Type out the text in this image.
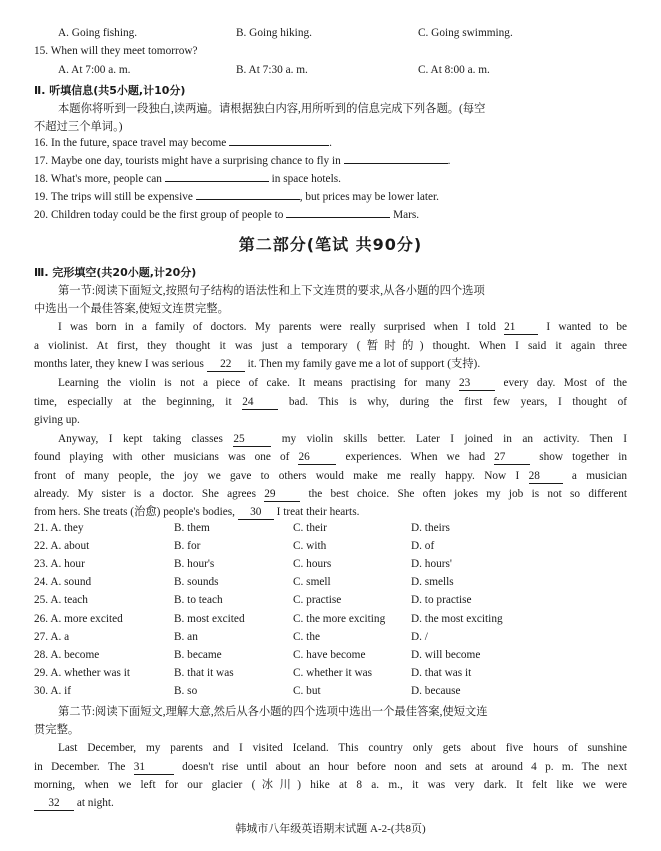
A. Going fishing.	B. Going hiking.	C. Going swimming.
15. When will they meet tomorrow?
A. At 7:00 a. m.	B. At 7:30 a. m.	C. At 8:00 a. m.
Ⅱ. 听填信息(共5小题,计10分)
本题你将听到一段独白,读两遍。请根据独白内容,用所听到的信息完成下列各题。(每空
不超过三个单词。)
16. In the future, space travel may become	.
17. Maybe one day, tourists might have a surprising chance to fly in	.
18. What's more, people can	in space hotels.
19. The trips will still be expensive	, but prices may be lower later.
20. Children today could be the first group of people to	Mars.
第二部分(笔试 共90分)
Ⅲ. 完形填空(共20小题,计20分)
第一节:阅读下面短文,按照句子结构的语法性和上下文连贯的要求,从各小题的四个选项
中选出一个最佳答案,使短文连贯完整。
I was born in a family of doctors. My parents were really surprised when I told 21	I wanted to be
a violinist. At first, they thought it was just a temporary (暂时的) thought. When I said it again three
months later, they knew I was serious 22 it. Then my family gave me a lot of support (支持).
Learning the violin is not a piece of cake. It means practising for many 23	every day. Most of the
time, especially at the beginning, it 24	bad. This is why, during the first few years, I thought of
giving up.
Anyway, I kept taking classes 25	my violin skills better. Later I joined in an activity. Then I
found playing with other musicians was one of 26	experiences. When we had 27	show together in
front of many people, the joy we gave to others would make me really happy. Now I 28	a musician
already. My sister is a doctor. She agrees 29	the best choice. She often jokes my job is not so different
from hers. She treats (治愈) people's bodies, 30 I treat their hearts.
21. A. they	B. them	C. their	D. theirs
22. A. about	B. for	C. with	D. of
23. A. hour	B. hour's	C. hours	D. hours'
24. A. sound	B. sounds	C. smell	D. smells
25. A. teach	B. to teach	C. practise	D. to practise
26. A. more excited	B. most excited	C. the more exciting D. the most exciting
27. A. a	B. an	C. the	D. /
28. A. become	B. became	C. have become	D. will become
29. A. whether was it	B. that it was	C. whether it was	D. that was it
30. A. if	B. so	C. but	D. because
第二节:阅读下面短文,理解大意,然后从各小题的四个选项中选出一个最佳答案,使短文连
贯完整。
Last December, my parents and I visited Iceland. This country only gets about five hours of sunshine
in December. The 31	doesn't rise until about an hour before noon and sets at around 4 p. m. The next
morning, when we left for our glacier (冰川) hike at 8 a. m., it was very dark. It felt like we were
32 at night.
韩城市八年级英语期末试题 A-2-(共8页)
